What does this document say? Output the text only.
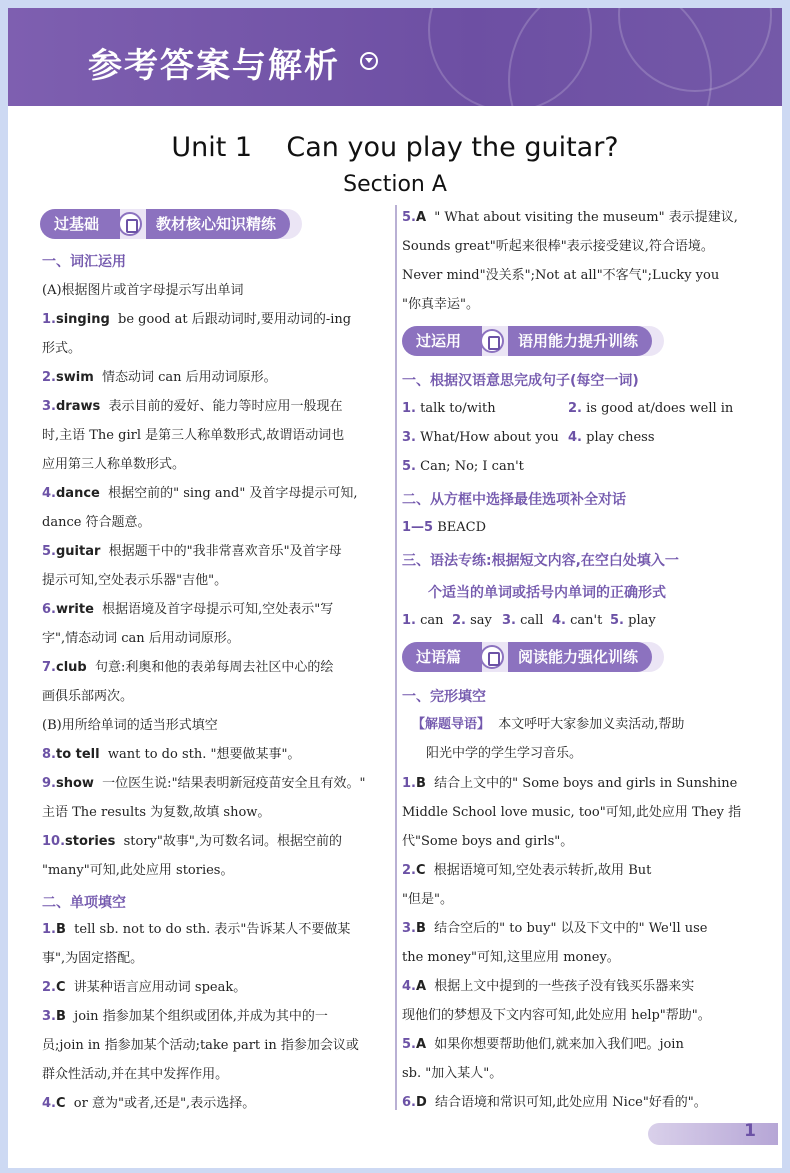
参考答案与解析
Unit 1    Can you play the guitar?
Section A
过基础	教材核心知识精练
一、词汇运用
(A)根据图片或首字母提示写出单词
1.singing  be good at 后跟动词时,要用动词的-ing
形式。
2.swim  情态动词 can 后用动词原形。
3.draws  表示目前的爱好、能力等时应用一般现在
时,主语 The girl 是第三人称单数形式,故谓语动词也
应用第三人称单数形式。
4.dance  根据空前的" sing and" 及首字母提示可知,
dance 符合题意。
5.guitar  根据题干中的"我非常喜欢音乐"及首字母
提示可知,空处表示乐器"吉他"。
6.write  根据语境及首字母提示可知,空处表示"写
字",情态动词 can 后用动词原形。
7.club  句意:利奥和他的表弟每周去社区中心的绘
画俱乐部两次。
(B)用所给单词的适当形式填空
8.to tell  want to do sth. "想要做某事"。
9.show  一位医生说:"结果表明新冠疫苗安全且有效。"
主语 The results 为复数,故填 show。
10.stories  story"故事",为可数名词。根据空前的
"many"可知,此处应用 stories。
二、单项填空
1.B  tell sb. not to do sth. 表示"告诉某人不要做某
事",为固定搭配。
2.C  讲某种语言应用动词 speak。
3.B  join 指参加某个组织或团体,并成为其中的一
员;join in 指参加某个活动;take part in 指参加会议或
群众性活动,并在其中发挥作用。
4.C  or 意为"或者,还是",表示选择。
5.A  " What about visiting the museum" 表示提建议,
Sounds great"听起来很棒"表示接受建议,符合语境。
Never mind"没关系";Not at all"不客气";Lucky you
"你真幸运"。
过运用	语用能力提升训练
一、根据汉语意思完成句子(每空一词)
1. talk to/with	2. is good at/does well in
3. What/How about you 4. play chess
5. Can; No; I can't
二、从方框中选择最佳选项补全对话
1—5 BEACD
三、语法专练:根据短文内容,在空白处填入一
个适当的单词或括号内单词的正确形式
1. can 2. say 3. call 4. can't 5. play
过语篇	阅读能力强化训练
一、完形填空
【解题导语】  本文呼吁大家参加义卖活动,帮助
阳光中学的学生学习音乐。
1.B  结合上文中的" Some boys and girls in Sunshine
Middle School love music, too"可知,此处应用 They 指
代"Some boys and girls"。
2.C  根据语境可知,空处表示转折,故用 But
"但是"。
3.B  结合空后的" to buy" 以及下文中的" We'll use
the money"可知,这里应用 money。
4.A  根据上文中提到的一些孩子没有钱买乐器来实
现他们的梦想及下文内容可知,此处应用 help"帮助"。
5.A  如果你想要帮助他们,就来加入我们吧。join
sb. "加入某人"。
6.D  结合语境和常识可知,此处应用 Nice"好看的"。
1
